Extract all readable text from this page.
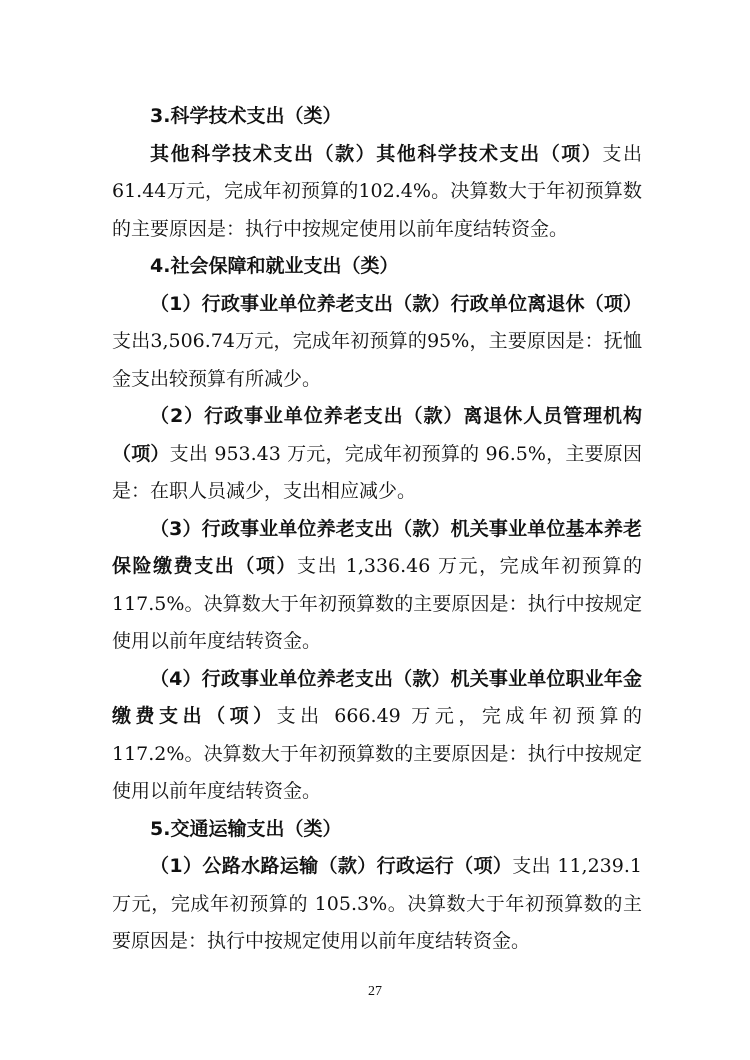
3.科学技术支出（类）

其他科学技术支出（款）其他科学技术支出（项）支出61.44万元，完成年初预算的102.4%。决算数大于年初预算数的主要原因是：执行中按规定使用以前年度结转资金。

4.社会保障和就业支出（类）

（1）行政事业单位养老支出（款）行政单位离退休（项）支出3,506.74万元，完成年初预算的95%，主要原因是：抚恤金支出较预算有所减少。

（2）行政事业单位养老支出（款）离退休人员管理机构（项）支出 953.43 万元，完成年初预算的 96.5%，主要原因是：在职人员减少，支出相应减少。

（3）行政事业单位养老支出（款）机关事业单位基本养老保险缴费支出（项）支出 1,336.46 万元，完成年初预算的 117.5%。决算数大于年初预算数的主要原因是：执行中按规定使用以前年度结转资金。

（4）行政事业单位养老支出（款）机关事业单位职业年金缴费支出（项）支出 666.49 万元，完成年初预算的117.2%。决算数大于年初预算数的主要原因是：执行中按规定使用以前年度结转资金。

5.交通运输支出（类）

（1）公路水路运输（款）行政运行（项）支出 11,239.1万元，完成年初预算的 105.3%。决算数大于年初预算数的主要原因是：执行中按规定使用以前年度结转资金。

27
